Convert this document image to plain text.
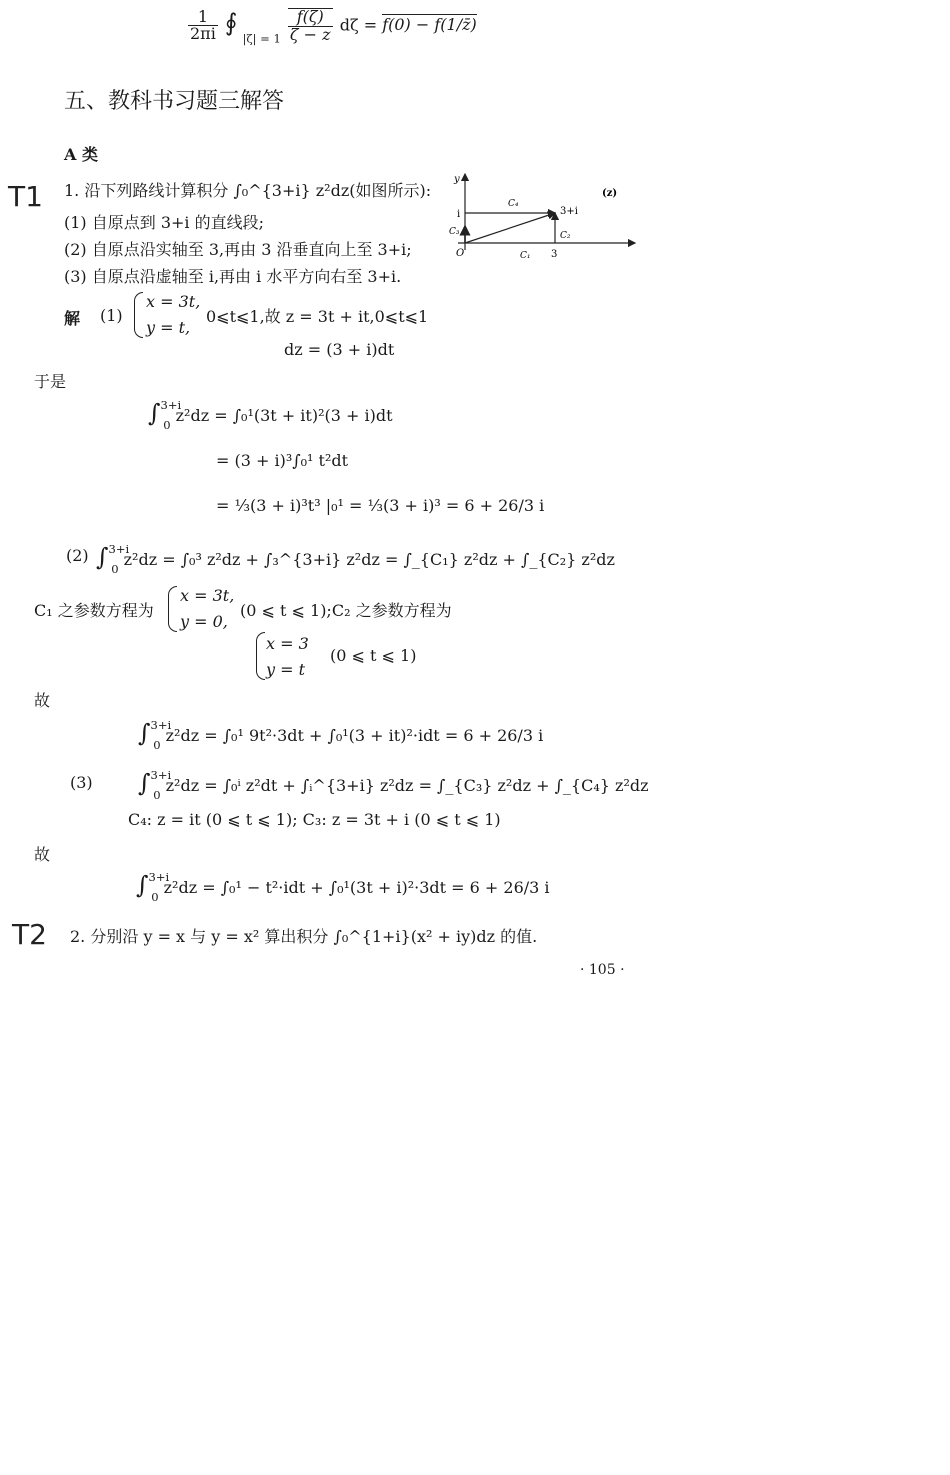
$\frac{1}{2\pi i}$ ∮ $_{|\zeta| = 1} \frac{f(\zeta)}{\zeta - z}$ dζ = f(0) − f(1/z̄)
五、教科书习题三解答
A 类
T1
T2
1. 沿下列路线计算积分 ∫₀^{3+i} z²dz(如图所示):
(1) 自原点到 3+i 的直线段;
(2) 自原点沿实轴至 3,再由 3 沿垂直向上至 3+i;
(3) 自原点沿虚轴至 i,再由 i 水平方向右至 3+i.
y
O
i
3
3+i
(z)
C₄
C₂
C₃
C₁
解 (1)
x = 3t,
y = t,
0⩽t⩽1,故 z = 3t + it,0⩽t⩽1
dz = (3 + i)dt
于是
∫$^{3+i}_0$ z²dz = ∫₀¹(3t + it)²(3 + i)dt
= (3 + i)³∫₀¹ t²dt
= ⅓(3 + i)³t³ |₀¹ = ⅓(3 + i)³ = 6 + 26/3 i
(2) ∫$^{3+i}_0$ z²dz = ∫₀³ z²dz + ∫₃^{3+i} z²dz = ∫_{C₁} z²dz + ∫_{C₂} z²dz
C₁ 之参数方程为
x = 3t,
y = 0,
(0 ⩽ t ⩽ 1);C₂ 之参数方程为
x = 3
y = t
(0 ⩽ t ⩽ 1)
故
∫$^{3+i}_0$ z²dz = ∫₀¹ 9t²·3dt + ∫₀¹(3 + it)²·idt = 6 + 26/3 i
(3) ∫$^{3+i}_0$ z²dz = ∫₀ⁱ z²dt + ∫ᵢ^{3+i} z²dz = ∫_{C₃} z²dz + ∫_{C₄} z²dz
C₄: z = it (0 ⩽ t ⩽ 1); C₃: z = 3t + i (0 ⩽ t ⩽ 1)
故
∫$^{3+i}_0$ z²dz = ∫₀¹ − t²·idt + ∫₀¹(3t + i)²·3dt = 6 + 26/3 i
2. 分别沿 y = x 与 y = x² 算出积分 ∫₀^{1+i}(x² + iy)dz 的值.
· 105 ·
